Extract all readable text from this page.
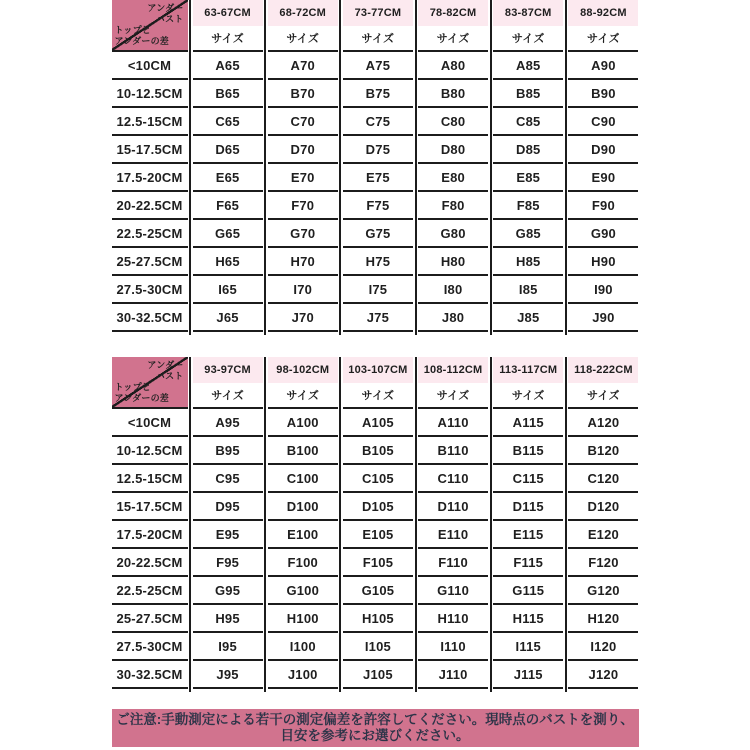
アンダー
バスト
トップと
アンダーの差
63-67CM	68-72CM	73-77CM	78-82CM	83-87CM	88-92CM
サイズ	サイズ	サイズ	サイズ	サイズ	サイズ
<10CM	A65	A70	A75	A80	A85	A90
10-12.5CM	B65	B70	B75	B80	B85	B90
12.5-15CM	C65	C70	C75	C80	C85	C90
15-17.5CM	D65	D70	D75	D80	D85	D90
17.5-20CM	E65	E70	E75	E80	E85	E90
20-22.5CM	F65	F70	F75	F80	F85	F90
22.5-25CM	G65	G70	G75	G80	G85	G90
25-27.5CM	H65	H70	H75	H80	H85	H90
27.5-30CM	I65	I70	I75	I80	I85	I90
30-32.5CM	J65	J70	J75	J80	J85	J90
アンダー
バスト
トップと
アンダーの差
93-97CM	98-102CM	103-107CM	108-112CM	113-117CM	118-222CM
サイズ	サイズ	サイズ	サイズ	サイズ	サイズ
<10CM	A95	A100	A105	A110	A115	A120
10-12.5CM	B95	B100	B105	B110	B115	B120
12.5-15CM	C95	C100	C105	C110	C115	C120
15-17.5CM	D95	D100	D105	D110	D115	D120
17.5-20CM	E95	E100	E105	E110	E115	E120
20-22.5CM	F95	F100	F105	F110	F115	F120
22.5-25CM	G95	G100	G105	G110	G115	G120
25-27.5CM	H95	H100	H105	H110	H115	H120
27.5-30CM	I95	I100	I105	I110	I115	I120
30-32.5CM	J95	J100	J105	J110	J115	J120
ご注意:手動測定による若干の測定偏差を許容してください。現時点のバストを測り、
目安を参考にお選びください。
